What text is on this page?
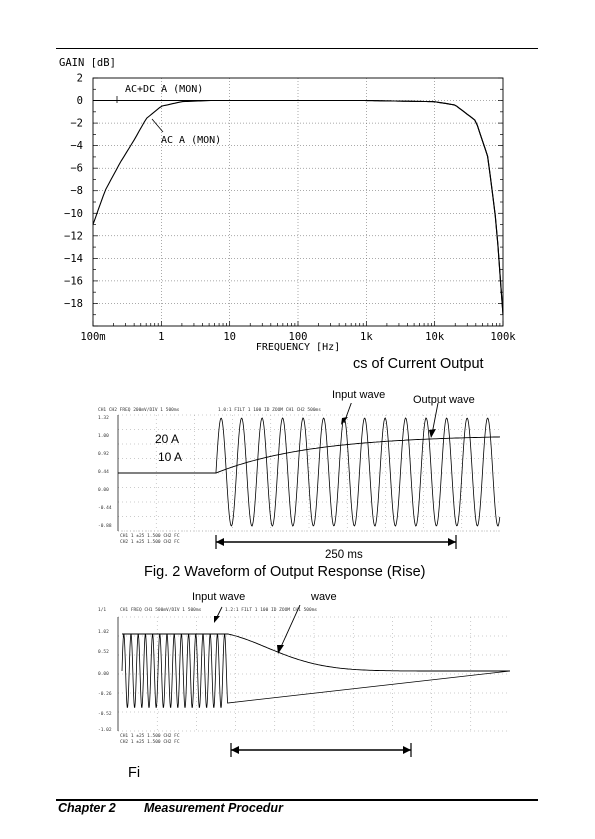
GAIN [dB]
2
0
−2
−4
−6
−8
−10
−12
−14
−16
−18
100m	1	10	100	1k	10k	100k
AC+DC A (MON)
AC A (MON)
FREQUENCY [Hz]
cs of Current Output
CH1 CH2 FREQ 200mV/DIV 1 500ms	1.0:1 FILT 1 100 ID ZOOM CH1 CH2 500ms
1.32
1.00
0.92
0.44
0.00
-0.44
-0.88
CH1 1 ±25 1.500 CH2 FC
CH2 1 ±25 1.500 CH2 FC
Input wave	Output wave
20 A
10 A
250 ms
Fig. 2 Waveform of Output Response (Rise)
1/1	CH1 FREQ CH1 500mV/DIV 1 500ms	1.2:1 FILT 1 100 ID ZOOM CH1 500ms
1.02
0.52
0.00
-0.26
-0.52
-1.02
CH1 1 ±25 1.500 CH2 FC
CH2 1 ±25 1.500 CH2 FC
Input wave	wave
Fi
Chapter 2 Measurement Procedur
